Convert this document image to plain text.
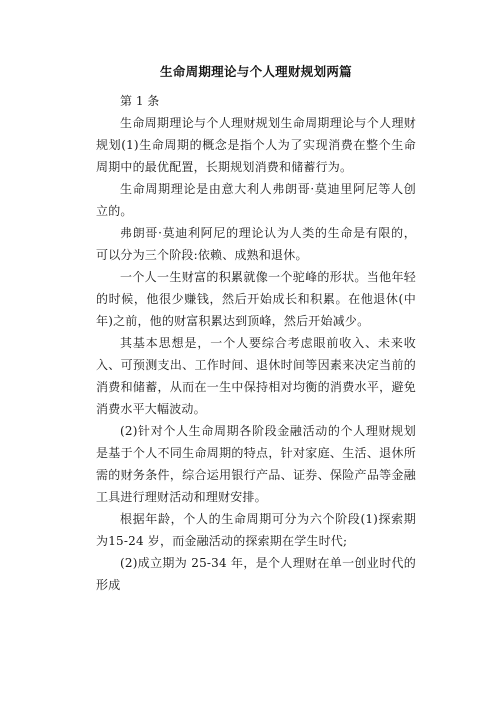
生命周期理论与个人理财规划两篇

第 1 条

生命周期理论与个人理财规划生命周期理论与个人理财规划(1)生命周期的概念是指个人为了实现消费在整个生命周期中的最优配置，长期规划消费和储蓄行为。

生命周期理论是由意大利人弗朗哥·莫迪里阿尼等人创立的。

弗朗哥·莫迪利阿尼的理论认为人类的生命是有限的，可以分为三个阶段:依赖、成熟和退休。

一个人一生财富的积累就像一个驼峰的形状。当他年轻的时候，他很少赚钱，然后开始成长和积累。在他退休(中年)之前，他的财富积累达到顶峰，然后开始减少。

其基本思想是，一个人要综合考虑眼前收入、未来收入、可预测支出、工作时间、退休时间等因素来决定当前的消费和储蓄，从而在一生中保持相对均衡的消费水平，避免消费水平大幅波动。

(2)针对个人生命周期各阶段金融活动的个人理财规划是基于个人不同生命周期的特点，针对家庭、生活、退休所需的财务条件，综合运用银行产品、证券、保险产品等金融工具进行理财活动和理财安排。

根据年龄，个人的生命周期可分为六个阶段(1)探索期为15-24 岁，而金融活动的探索期在学生时代;

(2)成立期为 25-34 年，是个人理财在单一创业时代的形成
